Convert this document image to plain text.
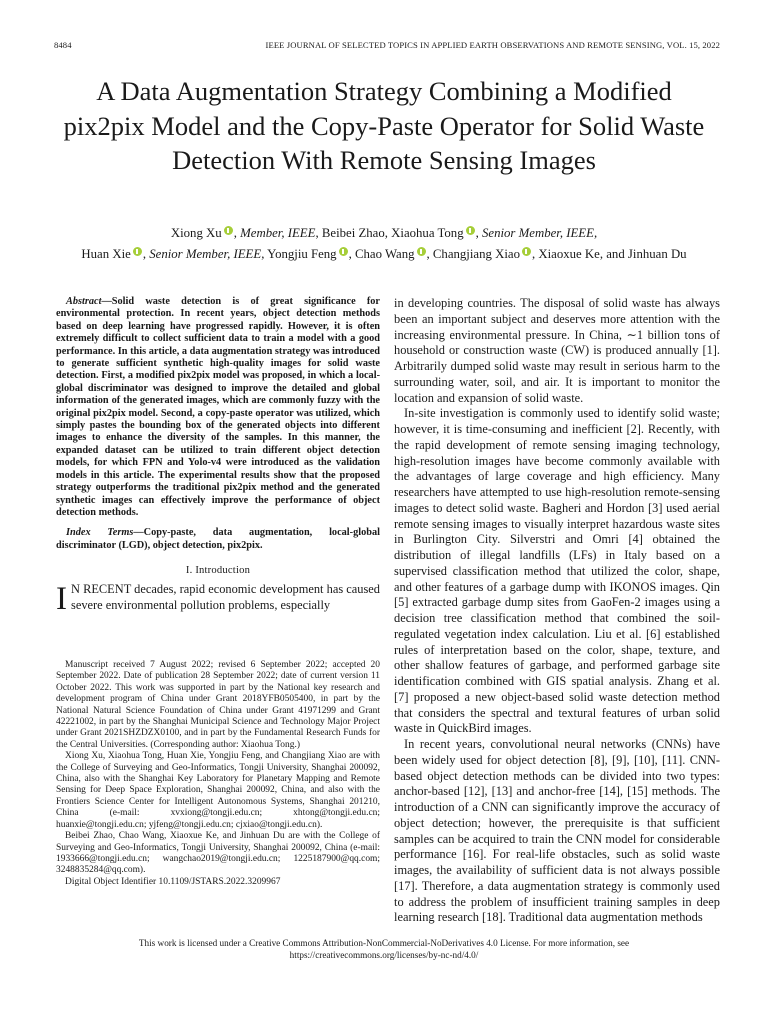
8484	IEEE JOURNAL OF SELECTED TOPICS IN APPLIED EARTH OBSERVATIONS AND REMOTE SENSING, VOL. 15, 2022
A Data Augmentation Strategy Combining a Modified pix2pix Model and the Copy-Paste Operator for Solid Waste Detection With Remote Sensing Images
Xiong Xu , Member, IEEE, Beibei Zhao, Xiaohua Tong , Senior Member, IEEE,
Huan Xie , Senior Member, IEEE, Yongjiu Feng , Chao Wang , Changjiang Xiao , Xiaoxue Ke, and Jinhuan Du

Abstract—Solid waste detection is of great significance for environmental protection. In recent years, object detection methods based on deep learning have progressed rapidly. However, it is often extremely difficult to collect sufficient data to train a model with a good performance. In this article, a data augmentation strategy was introduced to generate sufficient synthetic high-quality images for solid waste detection. First, a modified pix2pix model was proposed, in which a local-global discriminator was designed to improve the detailed and global information of the generated images, which are commonly fuzzy with the original pix2pix model. Second, a copy-paste operator was utilized, which simply pastes the bounding box of the generated objects into different images to enhance the diversity of the samples. In this manner, the expanded dataset can be utilized to train different object detection models, for which FPN and Yolo-v4 were introduced as the validation models in this article. The experimental results show that the proposed strategy outperforms the traditional pix2pix method and the generated synthetic images can effectively improve the performance of object detection methods.

Index Terms—Copy-paste, data augmentation, local-global discriminator (LGD), object detection, pix2pix.

I. Introduction

I N RECENT decades, rapid economic development has caused severe environmental pollution problems, especially

Manuscript received 7 August 2022; revised 6 September 2022; accepted 20 September 2022. Date of publication 28 September 2022; date of current version 11 October 2022. This work was supported in part by the National key research and development program of China under Grant 2018YFB0505400, in part by the National Natural Science Foundation of China under Grant 41971299 and Grant 42221002, in part by the Shanghai Municipal Science and Technology Major Project under Grant 2021SHZDZX0100, and in part by the Fundamental Research Funds for the Central Universities. (Corresponding author: Xiaohua Tong.)

Xiong Xu, Xiaohua Tong, Huan Xie, Yongjiu Feng, and Changjiang Xiao are with the College of Surveying and Geo-Informatics, Tongji University, Shanghai 200092, China, also with the Shanghai Key Laboratory for Planetary Mapping and Remote Sensing for Deep Space Exploration, Shanghai 200092, China, and also with the Frontiers Science Center for Intelligent Autonomous Systems, Shanghai 201210, China (e-mail: xvxiong@tongji.edu.cn; xhtong@tongji.edu.cn; huanxie@tongji.edu.cn; yjfeng@tongji.edu.cn; cjxiao@tongji.edu.cn).

Beibei Zhao, Chao Wang, Xiaoxue Ke, and Jinhuan Du are with the College of Surveying and Geo-Informatics, Tongji University, Shanghai 200092, China (e-mail: 1933666@tongji.edu.cn; wangchao2019@tongji.edu.cn; 1225187900@qq.com; 3248835284@qq.com).

Digital Object Identifier 10.1109/JSTARS.2022.3209967

in developing countries. The disposal of solid waste has always been an important subject and deserves more attention with the increasing environmental pressure. In China, ∼1 billion tons of household or construction waste (CW) is produced annually [1]. Arbitrarily dumped solid waste may result in serious harm to the surrounding water, soil, and air. It is important to monitor the location and expansion of solid waste.

In-site investigation is commonly used to identify solid waste; however, it is time-consuming and inefficient [2]. Recently, with the rapid development of remote sensing imaging technology, high-resolution images have become commonly available with the advantages of large coverage and high efficiency. Many researchers have attempted to use high-resolution remote-sensing images to detect solid waste. Bagheri and Hordon [3] used aerial remote sensing images to visually interpret hazardous waste sites in Burlington City. Silverstri and Omri [4] obtained the distribution of illegal landfills (LFs) in Italy based on a supervised classification method that utilized the color, shape, and other features of a garbage dump with IKONOS images. Qin [5] extracted garbage dump sites from GaoFen-2 images using a decision tree classification method that combined the soil-regulated vegetation index calculation. Liu et al. [6] established rules of interpretation based on the color, shape, texture, and other shallow features of garbage, and performed garbage site identification combined with GIS spatial analysis. Zhang et al. [7] proposed a new object-based solid waste detection method that considers the spectral and textural features of urban solid waste in QuickBird images.

In recent years, convolutional neural networks (CNNs) have been widely used for object detection [8], [9], [10], [11]. CNN-based object detection methods can be divided into two types: anchor-based [12], [13] and anchor-free [14], [15] methods. The introduction of a CNN can significantly improve the accuracy of object detection; however, the prerequisite is that sufficient samples can be acquired to train the CNN model for considerable performance [16]. For real-life obstacles, such as solid waste images, the availability of sufficient data is not always possible [17]. Therefore, a data augmentation strategy is commonly used to address the problem of insufficient training samples in deep learning research [18]. Traditional data augmentation methods

This work is licensed under a Creative Commons Attribution-NonCommercial-NoDerivatives 4.0 License. For more information, see
https://creativecommons.org/licenses/by-nc-nd/4.0/
